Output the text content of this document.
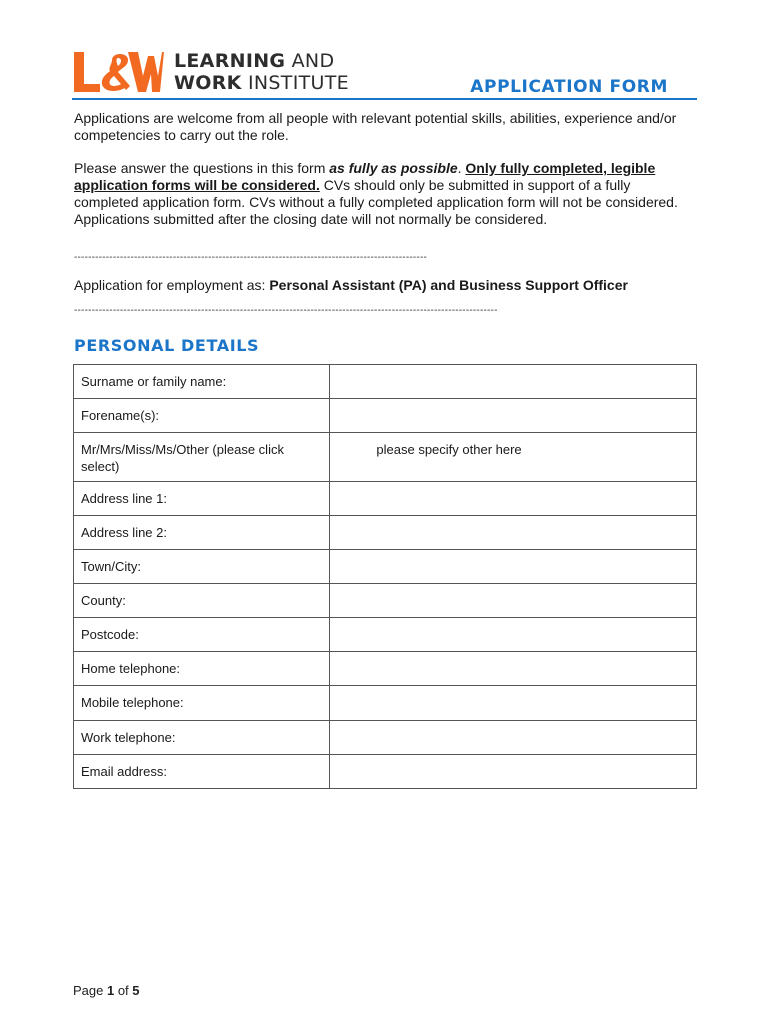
LEARNING AND
WORK INSTITUTE	APPLICATION FORM
Applications are welcome from all people with relevant potential skills, abilities, experience and/or competencies to carry out the role.
Please answer the questions in this form as fully as possible. Only fully completed, legible application forms will be considered. CVs should only be submitted in support of a fully completed application form. CVs without a fully completed application form will not be considered. Applications submitted after the closing date will not normally be considered.
----------------------------------------------------------------------------------------------------
Application for employment as: Personal Assistant (PA) and Business Support Officer
------------------------------------------------------------------------------------------------------------------------
PERSONAL DETAILS
Surname or family name:	

Forename(s):	

Mr/Mrs/Miss/Ms/Other (please click select)	please specify other here

Address line 1:	

Address line 2:	

Town/City:	

County:	

Postcode:	

Home telephone:	

Mobile telephone:	

Work telephone:	

Email address:	
Page 1 of 5
